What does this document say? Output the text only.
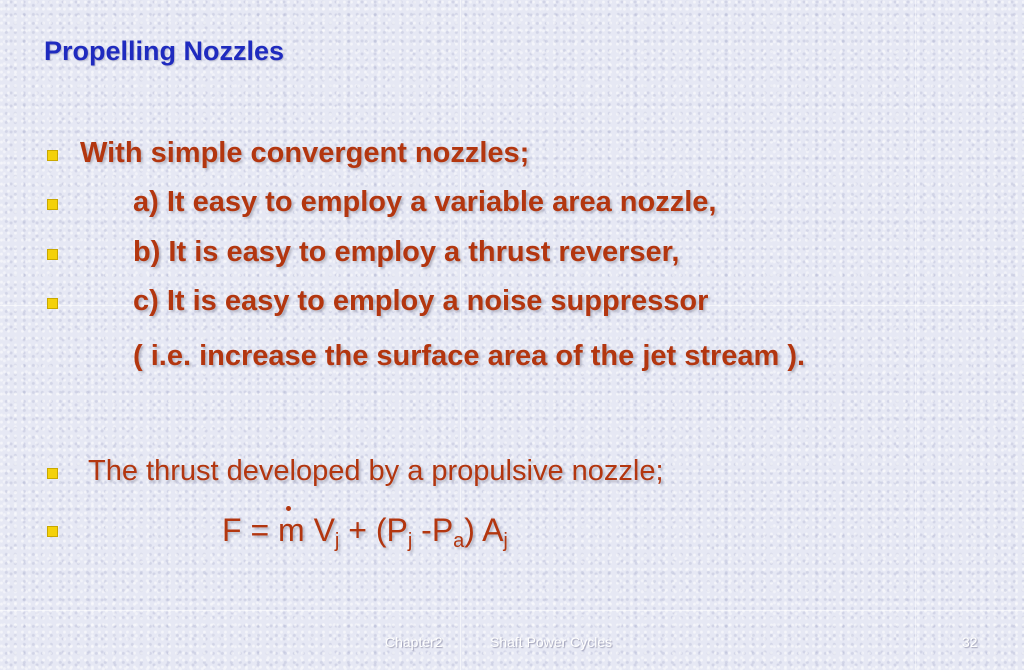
Propelling Nozzles
With simple convergent nozzles;
a) It easy to employ a variable area nozzle,
b) It is easy to employ a thrust reverser,
c) It is easy to employ a noise suppressor
( i.e. increase the surface area of the jet stream ).
The thrust developed by a propulsive nozzle;
F = m $V_j + (P_j$ $-P_a$) $A_j$
Chapter2	Shaft Power Cycles	32
